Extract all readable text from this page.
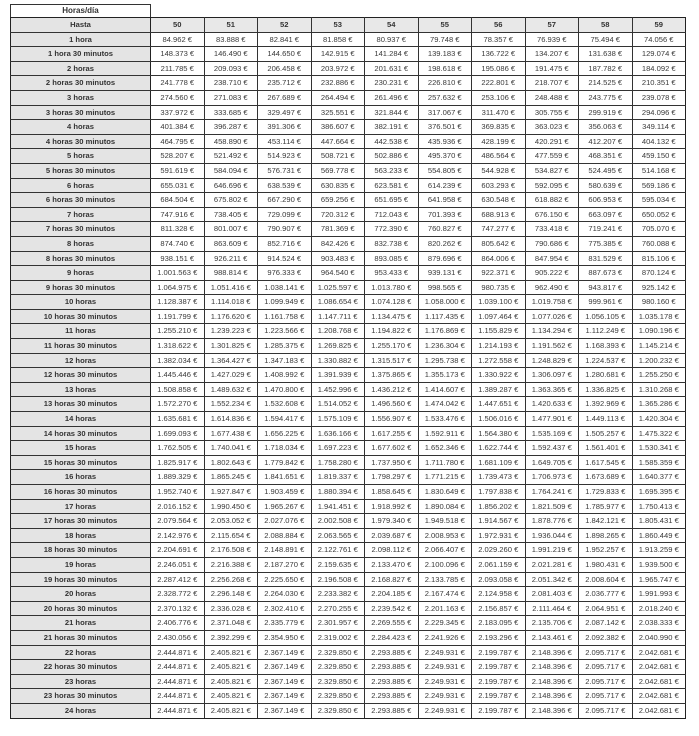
Horas/día
Hasta	50	51	52	53	54	55	56	57	58	59
1 hora	84.962 €	83.888 €	82.841 €	81.858 €	80.937 €	79.748 €	78.357 €	76.939 €	75.494 €	74.056 €
1 hora 30 minutos	148.373 €	146.490 €	144.650 €	142.915 €	141.284 €	139.183 €	136.722 €	134.207 €	131.638 €	129.074 €
2 horas	211.785 €	209.093 €	206.458 €	203.972 €	201.631 €	198.618 €	195.086 €	191.475 €	187.782 €	184.092 €
2 horas 30 minutos	241.778 €	238.710 €	235.712 €	232.886 €	230.231 €	226.810 €	222.801 €	218.707 €	214.525 €	210.351 €
3 horas	274.560 €	271.083 €	267.689 €	264.494 €	261.496 €	257.632 €	253.106 €	248.488 €	243.775 €	239.078 €
3 horas 30 minutos	337.972 €	333.685 €	329.497 €	325.551 €	321.844 €	317.067 €	311.470 €	305.755 €	299.919 €	294.096 €
4 horas	401.384 €	396.287 €	391.306 €	386.607 €	382.191 €	376.501 €	369.835 €	363.023 €	356.063 €	349.114 €
4 horas 30 minutos	464.795 €	458.890 €	453.114 €	447.664 €	442.538 €	435.936 €	428.199 €	420.291 €	412.207 €	404.132 €
5 horas	528.207 €	521.492 €	514.923 €	508.721 €	502.886 €	495.370 €	486.564 €	477.559 €	468.351 €	459.150 €
5 horas 30 minutos	591.619 €	584.094 €	576.731 €	569.778 €	563.233 €	554.805 €	544.928 €	534.827 €	524.495 €	514.168 €
6 horas	655.031 €	646.696 €	638.539 €	630.835 €	623.581 €	614.239 €	603.293 €	592.095 €	580.639 €	569.186 €
6 horas 30 minutos	684.504 €	675.802 €	667.290 €	659.256 €	651.695 €	641.958 €	630.548 €	618.882 €	606.953 €	595.034 €
7 horas	747.916 €	738.405 €	729.099 €	720.312 €	712.043 €	701.393 €	688.913 €	676.150 €	663.097 €	650.052 €
7 horas 30 minutos	811.328 €	801.007 €	790.907 €	781.369 €	772.390 €	760.827 €	747.277 €	733.418 €	719.241 €	705.070 €
8 horas	874.740 €	863.609 €	852.716 €	842.426 €	832.738 €	820.262 €	805.642 €	790.686 €	775.385 €	760.088 €
8 horas 30 minutos	938.151 €	926.211 €	914.524 €	903.483 €	893.085 €	879.696 €	864.006 €	847.954 €	831.529 €	815.106 €
9 horas	1.001.563 €	988.814 €	976.333 €	964.540 €	953.433 €	939.131 €	922.371 €	905.222 €	887.673 €	870.124 €
9 horas 30 minutos	1.064.975 €	1.051.416 €	1.038.141 €	1.025.597 €	1.013.780 €	998.565 €	980.735 €	962.490 €	943.817 €	925.142 €
10 horas	1.128.387 €	1.114.018 €	1.099.949 €	1.086.654 €	1.074.128 €	1.058.000 €	1.039.100 €	1.019.758 €	999.961 €	980.160 €
10 horas 30 minutos	1.191.799 €	1.176.620 €	1.161.758 €	1.147.711 €	1.134.475 €	1.117.435 €	1.097.464 €	1.077.026 €	1.056.105 €	1.035.178 €
11 horas	1.255.210 €	1.239.223 €	1.223.566 €	1.208.768 €	1.194.822 €	1.176.869 €	1.155.829 €	1.134.294 €	1.112.249 €	1.090.196 €
11 horas 30 minutos	1.318.622 €	1.301.825 €	1.285.375 €	1.269.825 €	1.255.170 €	1.236.304 €	1.214.193 €	1.191.562 €	1.168.393 €	1.145.214 €
12 horas	1.382.034 €	1.364.427 €	1.347.183 €	1.330.882 €	1.315.517 €	1.295.738 €	1.272.558 €	1.248.829 €	1.224.537 €	1.200.232 €
12 horas 30 minutos	1.445.446 €	1.427.029 €	1.408.992 €	1.391.939 €	1.375.865 €	1.355.173 €	1.330.922 €	1.306.097 €	1.280.681 €	1.255.250 €
13 horas	1.508.858 €	1.489.632 €	1.470.800 €	1.452.996 €	1.436.212 €	1.414.607 €	1.389.287 €	1.363.365 €	1.336.825 €	1.310.268 €
13 horas 30 minutos	1.572.270 €	1.552.234 €	1.532.608 €	1.514.052 €	1.496.560 €	1.474.042 €	1.447.651 €	1.420.633 €	1.392.969 €	1.365.286 €
14 horas	1.635.681 €	1.614.836 €	1.594.417 €	1.575.109 €	1.556.907 €	1.533.476 €	1.506.016 €	1.477.901 €	1.449.113 €	1.420.304 €
14 horas 30 minutos	1.699.093 €	1.677.438 €	1.656.225 €	1.636.166 €	1.617.255 €	1.592.911 €	1.564.380 €	1.535.169 €	1.505.257 €	1.475.322 €
15 horas	1.762.505 €	1.740.041 €	1.718.034 €	1.697.223 €	1.677.602 €	1.652.346 €	1.622.744 €	1.592.437 €	1.561.401 €	1.530.341 €
15 horas 30 minutos	1.825.917 €	1.802.643 €	1.779.842 €	1.758.280 €	1.737.950 €	1.711.780 €	1.681.109 €	1.649.705 €	1.617.545 €	1.585.359 €
16 horas	1.889.329 €	1.865.245 €	1.841.651 €	1.819.337 €	1.798.297 €	1.771.215 €	1.739.473 €	1.706.973 €	1.673.689 €	1.640.377 €
16 horas 30 minutos	1.952.740 €	1.927.847 €	1.903.459 €	1.880.394 €	1.858.645 €	1.830.649 €	1.797.838 €	1.764.241 €	1.729.833 €	1.695.395 €
17 horas	2.016.152 €	1.990.450 €	1.965.267 €	1.941.451 €	1.918.992 €	1.890.084 €	1.856.202 €	1.821.509 €	1.785.977 €	1.750.413 €
17 horas 30 minutos	2.079.564 €	2.053.052 €	2.027.076 €	2.002.508 €	1.979.340 €	1.949.518 €	1.914.567 €	1.878.776 €	1.842.121 €	1.805.431 €
18 horas	2.142.976 €	2.115.654 €	2.088.884 €	2.063.565 €	2.039.687 €	2.008.953 €	1.972.931 €	1.936.044 €	1.898.265 €	1.860.449 €
18 horas 30 minutos	2.204.691 €	2.176.508 €	2.148.891 €	2.122.761 €	2.098.112 €	2.066.407 €	2.029.260 €	1.991.219 €	1.952.257 €	1.913.259 €
19 horas	2.246.051 €	2.216.388 €	2.187.270 €	2.159.635 €	2.133.470 €	2.100.096 €	2.061.159 €	2.021.281 €	1.980.431 €	1.939.500 €
19 horas 30 minutos	2.287.412 €	2.256.268 €	2.225.650 €	2.196.508 €	2.168.827 €	2.133.785 €	2.093.058 €	2.051.342 €	2.008.604 €	1.965.747 €
20 horas	2.328.772 €	2.296.148 €	2.264.030 €	2.233.382 €	2.204.185 €	2.167.474 €	2.124.958 €	2.081.403 €	2.036.777 €	1.991.993 €
20 horas 30 minutos	2.370.132 €	2.336.028 €	2.302.410 €	2.270.255 €	2.239.542 €	2.201.163 €	2.156.857 €	2.111.464 €	2.064.951 €	2.018.240 €
21 horas	2.406.776 €	2.371.048 €	2.335.779 €	2.301.957 €	2.269.555 €	2.229.345 €	2.183.095 €	2.135.706 €	2.087.142 €	2.038.333 €
21 horas 30 minutos	2.430.056 €	2.392.299 €	2.354.950 €	2.319.002 €	2.284.423 €	2.241.926 €	2.193.296 €	2.143.461 €	2.092.382 €	2.040.990 €
22 horas	2.444.871 €	2.405.821 €	2.367.149 €	2.329.850 €	2.293.885 €	2.249.931 €	2.199.787 €	2.148.396 €	2.095.717 €	2.042.681 €
22 horas 30 minutos	2.444.871 €	2.405.821 €	2.367.149 €	2.329.850 €	2.293.885 €	2.249.931 €	2.199.787 €	2.148.396 €	2.095.717 €	2.042.681 €
23 horas	2.444.871 €	2.405.821 €	2.367.149 €	2.329.850 €	2.293.885 €	2.249.931 €	2.199.787 €	2.148.396 €	2.095.717 €	2.042.681 €
23 horas 30 minutos	2.444.871 €	2.405.821 €	2.367.149 €	2.329.850 €	2.293.885 €	2.249.931 €	2.199.787 €	2.148.396 €	2.095.717 €	2.042.681 €
24 horas	2.444.871 €	2.405.821 €	2.367.149 €	2.329.850 €	2.293.885 €	2.249.931 €	2.199.787 €	2.148.396 €	2.095.717 €	2.042.681 €
